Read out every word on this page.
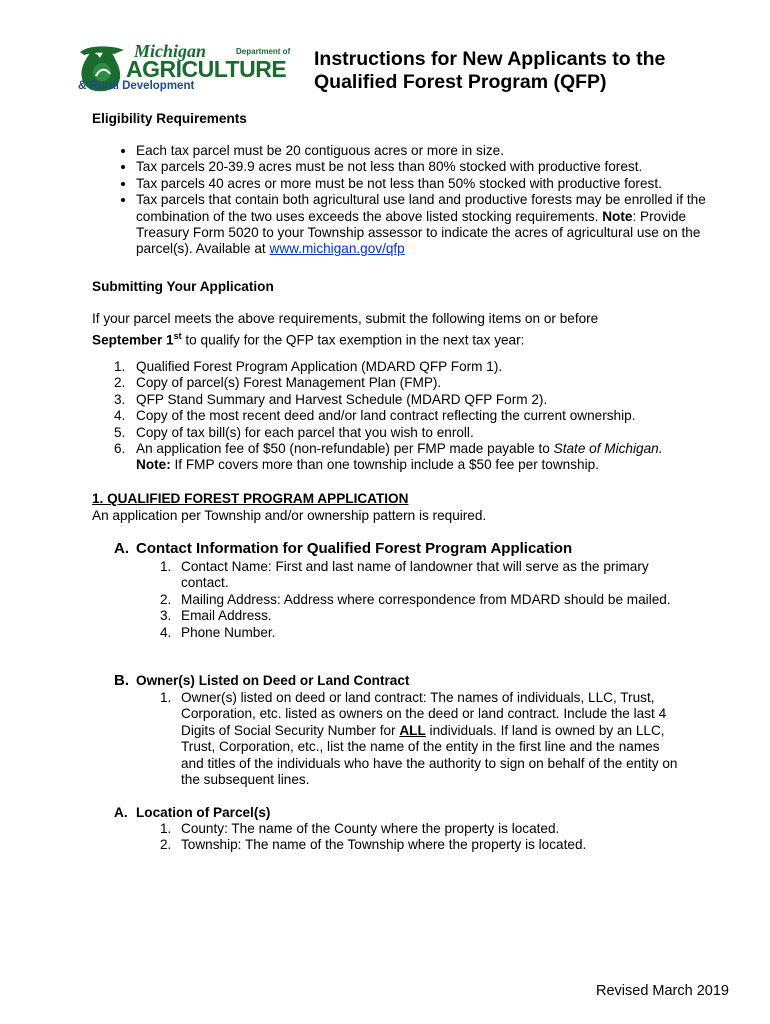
Michigan	Department of
AGRICULTURE
& Rural Development
Instructions for New Applicants to the
Qualified Forest Program (QFP)
Eligibility Requirements
• Each tax parcel must be 20 contiguous acres or more in size.
• Tax parcels 20-39.9 acres must be not less than 80% stocked with productive forest.
• Tax parcels 40 acres or more must be not less than 50% stocked with productive forest.
• Tax parcels that contain both agricultural use land and productive forests may be enrolled if the combination of the two uses exceeds the above listed stocking requirements. Note: Provide Treasury Form 5020 to your Township assessor to indicate the acres of agricultural use on the parcel(s). Available at www.michigan.gov/qfp
Submitting Your Application
If your parcel meets the above requirements, submit the following items on or before
September 1st to qualify for the QFP tax exemption in the next tax year:
1. Qualified Forest Program Application (MDARD QFP Form 1).
2. Copy of parcel(s) Forest Management Plan (FMP).
3. QFP Stand Summary and Harvest Schedule (MDARD QFP Form 2).
4. Copy of the most recent deed and/or land contract reflecting the current ownership.
5. Copy of tax bill(s) for each parcel that you wish to enroll.
6. An application fee of $50 (non-refundable) per FMP made payable to State of Michigan.
Note: If FMP covers more than one township include a $50 fee per township.
1. QUALIFIED FOREST PROGRAM APPLICATION
An application per Township and/or ownership pattern is required.
A. Contact Information for Qualified Forest Program Application
1. Contact Name: First and last name of landowner that will serve as the primary contact.
2. Mailing Address: Address where correspondence from MDARD should be mailed.
3. Email Address.
4. Phone Number.
B. Owner(s) Listed on Deed or Land Contract
1. Owner(s) listed on deed or land contract: The names of individuals, LLC, Trust, Corporation, etc. listed as owners on the deed or land contract. Include the last 4 Digits of Social Security Number for ALL individuals. If land is owned by an LLC, Trust, Corporation, etc., list the name of the entity in the first line and the names and titles of the individuals who have the authority to sign on behalf of the entity on the subsequent lines.
A. Location of Parcel(s)
1. County: The name of the County where the property is located.
2. Township: The name of the Township where the property is located.
Revised March 2019
